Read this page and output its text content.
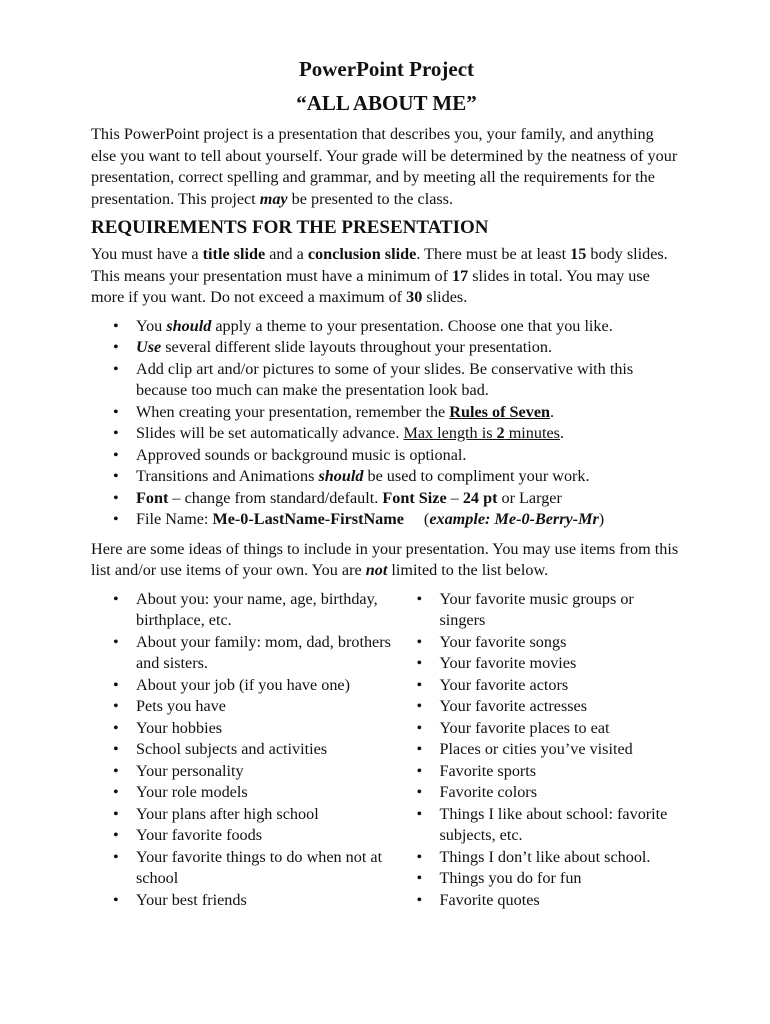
PowerPoint Project
“ALL ABOUT ME”

This PowerPoint project is a presentation that describes you, your family, and anything else you want to tell about yourself. Your grade will be determined by the neatness of your presentation, correct spelling and grammar, and by meeting all the requirements for the presentation. This project may be presented to the class.

REQUIREMENTS FOR THE PRESENTATION

You must have a title slide and a conclusion slide. There must be at least 15 body slides. This means your presentation must have a minimum of 17 slides in total. You may use more if you want. Do not exceed a maximum of 30 slides.

• You should apply a theme to your presentation. Choose one that you like.
• Use several different slide layouts throughout your presentation.
• Add clip art and/or pictures to some of your slides. Be conservative with this because too much can make the presentation look bad.
• When creating your presentation, remember the Rules of Seven.
• Slides will be set automatically advance. Max length is 2 minutes.
• Approved sounds or background music is optional.
• Transitions and Animations should be used to compliment your work.
• Font – change from standard/default. Font Size – 24 pt or Larger
• File Name: Me-0-LastName-FirstName (example: Me-0-Berry-Mr)

Here are some ideas of things to include in your presentation. You may use items from this list and/or use items of your own. You are not limited to the list below.

• About you: your name, age, birthday, birthplace, etc.
• About your family: mom, dad, brothers and sisters.
• About your job (if you have one)
• Pets you have
• Your hobbies
• School subjects and activities
• Your personality
• Your role models
• Your plans after high school
• Your favorite foods
• Your favorite things to do when not at school
• Your best friends
• Your favorite music groups or singers
• Your favorite songs
• Your favorite movies
• Your favorite actors
• Your favorite actresses
• Your favorite places to eat
• Places or cities you’ve visited
• Favorite sports
• Favorite colors
• Things I like about school: favorite subjects, etc.
• Things I don’t like about school.
• Things you do for fun
• Favorite quotes
